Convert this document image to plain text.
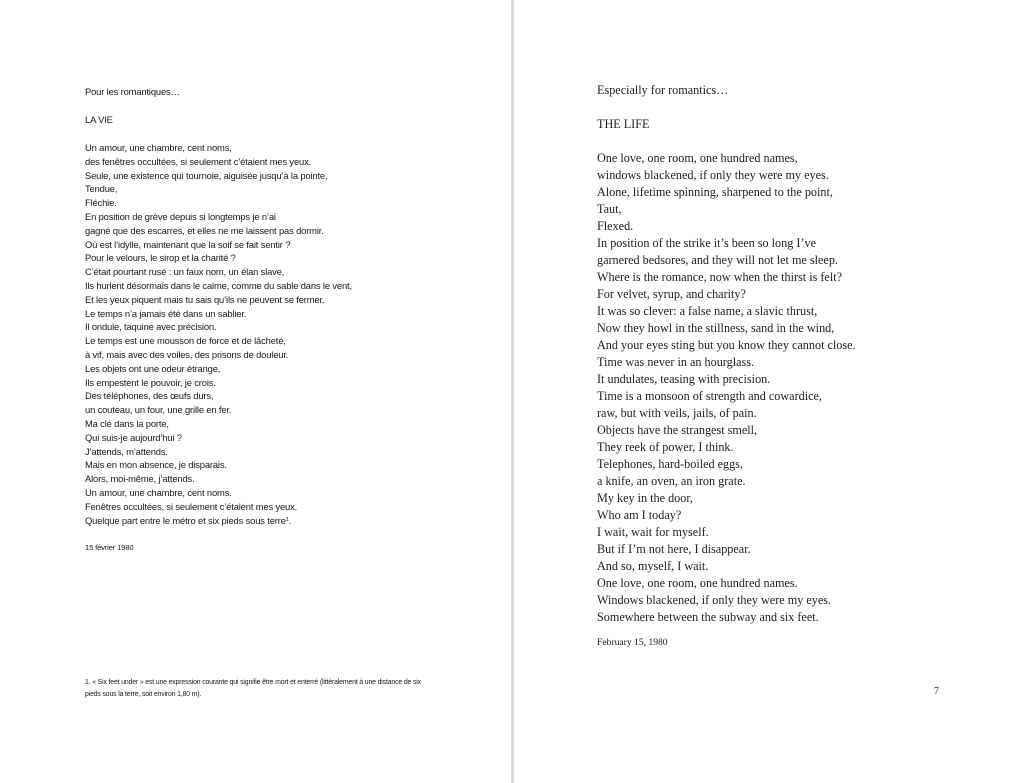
Pour les romantiques…
LA VIE
Un amour, une chambre, cent noms,
des fenêtres occultées, si seulement c’étaient mes yeux.
Seule, une existence qui tournoie, aiguisée jusqu’à la pointe,
Tendue,
Fléchie.
En position de grève depuis si longtemps je n’ai
gagné que des escarres, et elles ne me laissent pas dormir.
Où est l’idylle, maintenant que la soif se fait sentir ?
Pour le velours, le sirop et la charité ?
C’était pourtant rusé : un faux nom, un élan slave,
Ils hurlent désormais dans le calme, comme du sable dans le vent,
Et les yeux piquent mais tu sais qu’ils ne peuvent se fermer.
Le temps n’a jamais été dans un sablier.
Il ondule, taquine avec précision.
Le temps est une mousson de force et de lâcheté,
à vif, mais avec des voiles, des prisons de douleur.
Les objets ont une odeur étrange,
Ils empestent le pouvoir, je crois.
Des téléphones, des œufs durs,
un couteau, un four, une grille en fer.
Ma clé dans la porte,
Qui suis-je aujourd’hui ?
J’attends, m’attends.
Mais en mon absence, je disparais.
Alors, moi-même, j’attends.
Un amour, une chambre, cent noms.
Fenêtres occultées, si seulement c’étaient mes yeux.
Quelque part entre le métro et six pieds sous terre$^1$.
15 février 1980
1. « Six feet under » est une expression courante qui signifie être mort et enterré (littéralement à une distance de six pieds sous la terre, soit environ 1,80 m).
Especially for romantics…
THE LIFE
One love, one room, one hundred names,
windows blackened, if only they were my eyes.
Alone, lifetime spinning, sharpened to the point,
Taut,
Flexed.
In position of the strike it’s been so long I’ve
garnered bedsores, and they will not let me sleep.
Where is the romance, now when the thirst is felt?
For velvet, syrup, and charity?
It was so clever: a false name, a slavic thrust,
Now they howl in the stillness, sand in the wind,
And your eyes sting but you know they cannot close.
Time was never in an hourglass.
It undulates, teasing with precision.
Time is a monsoon of strength and cowardice,
raw, but with veils, jails, of pain.
Objects have the strangest smell,
They reek of power, I think.
Telephones, hard-boiled eggs,
a knife, an oven, an iron grate.
My key in the door,
Who am I today?
I wait, wait for myself.
But if I’m not here, I disappear.
And so, myself, I wait.
One love, one room, one hundred names.
Windows blackened, if only they were my eyes.
Somewhere between the subway and six feet.
February 15, 1980
7
